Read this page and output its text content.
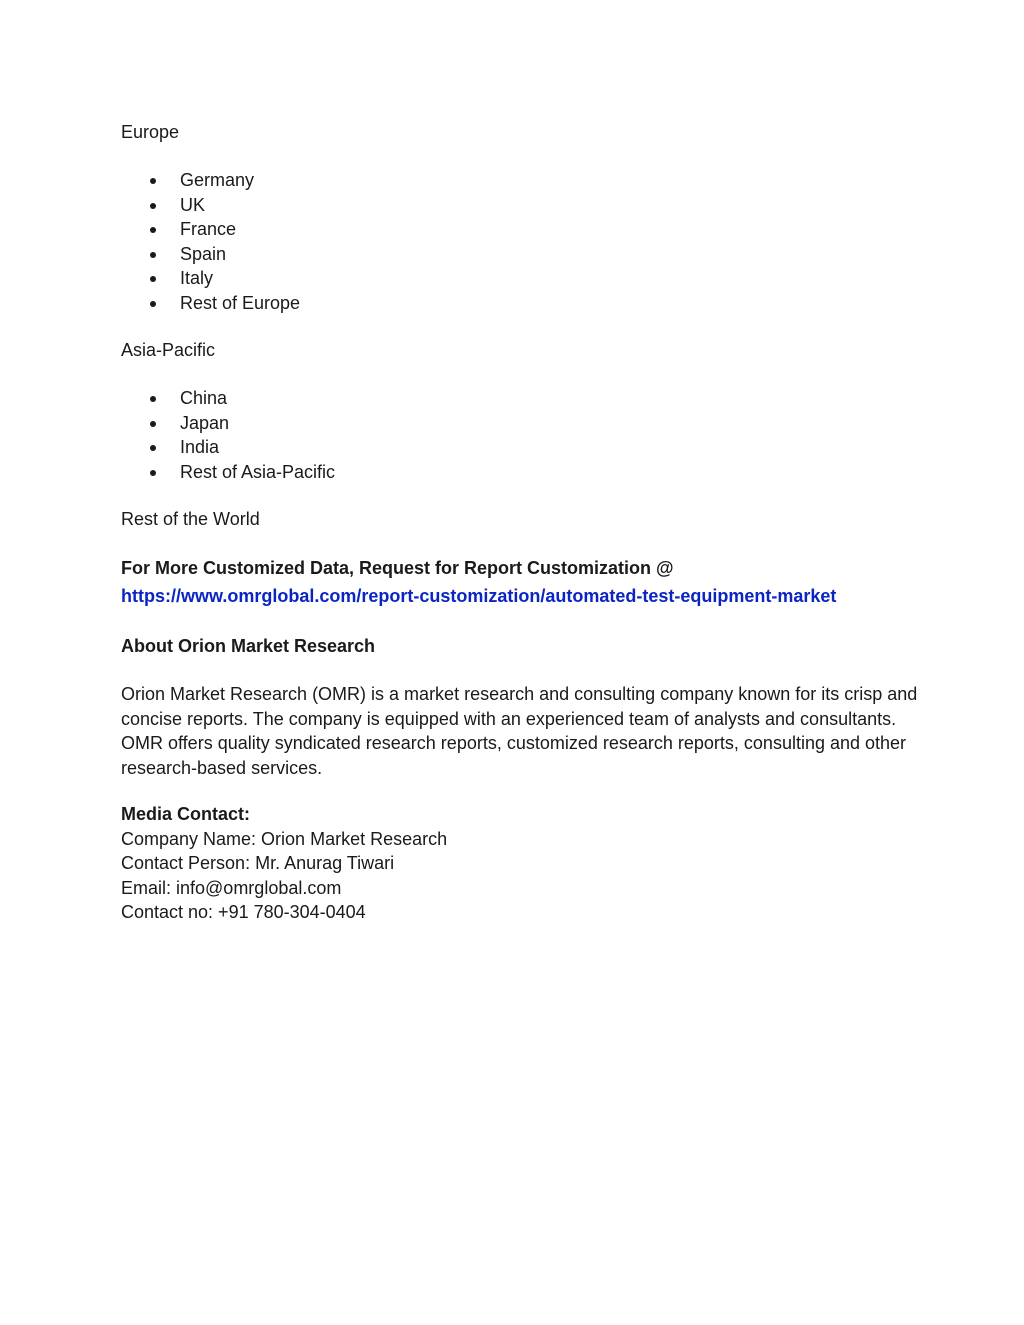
Europe

Germany
UK
France
Spain
Italy
Rest of Europe

Asia-Pacific

China
Japan
India
Rest of Asia-Pacific

Rest of the World

For More Customized Data, Request for Report Customization @

https://www.omrglobal.com/report-customization/automated-test-equipment-market

About Orion Market Research

Orion Market Research (OMR) is a market research and consulting company known for its crisp and concise reports. The company is equipped with an experienced team of analysts and consultants. OMR offers quality syndicated research reports, customized research reports, consulting and other research-based services.

Media Contact:

Company Name: Orion Market Research

Contact Person: Mr. Anurag Tiwari

Email: info@omrglobal.com

Contact no: +91 780-304-0404
